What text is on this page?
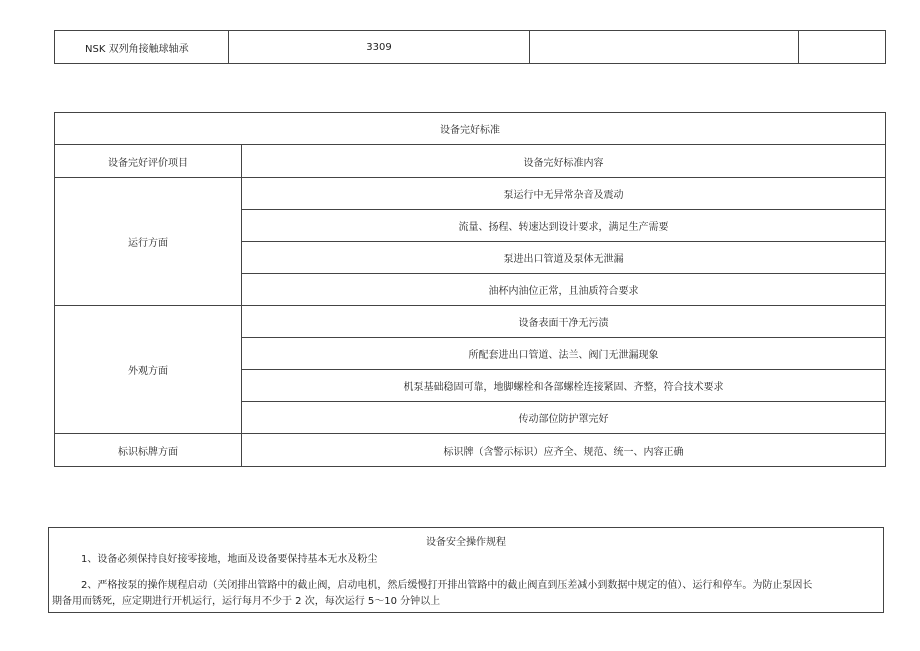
NSK 双列角接触球轴承	3309		
设备完好标准	
设备完好评价项目	设备完好标准内容
运行方面	泵运行中无异常杂音及震动
	流量、扬程、转速达到设计要求，满足生产需要
	泵进出口管道及泵体无泄漏
	油杯内油位正常，且油质符合要求
外观方面	设备表面干净无污渍
	所配套进出口管道、法兰、阀门无泄漏现象
	机泵基础稳固可靠，地脚螺栓和各部螺栓连接紧固、齐整，符合技术要求
	传动部位防护罩完好
标识标牌方面	标识牌（含警示标识）应齐全、规范、统一、内容正确
设备安全操作规程
1、设备必须保持良好接零接地，地面及设备要保持基本无水及粉尘
2、严格按泵的操作规程启动（关闭排出管路中的截止阀，启动电机，然后缓慢打开排出管路中的截止阀直到压差减小到数据中规定的值）、运行和停车。为防止泵因长
期备用而锈死，应定期进行开机运行，运行每月不少于 2 次，每次运行 5～10 分钟以上
